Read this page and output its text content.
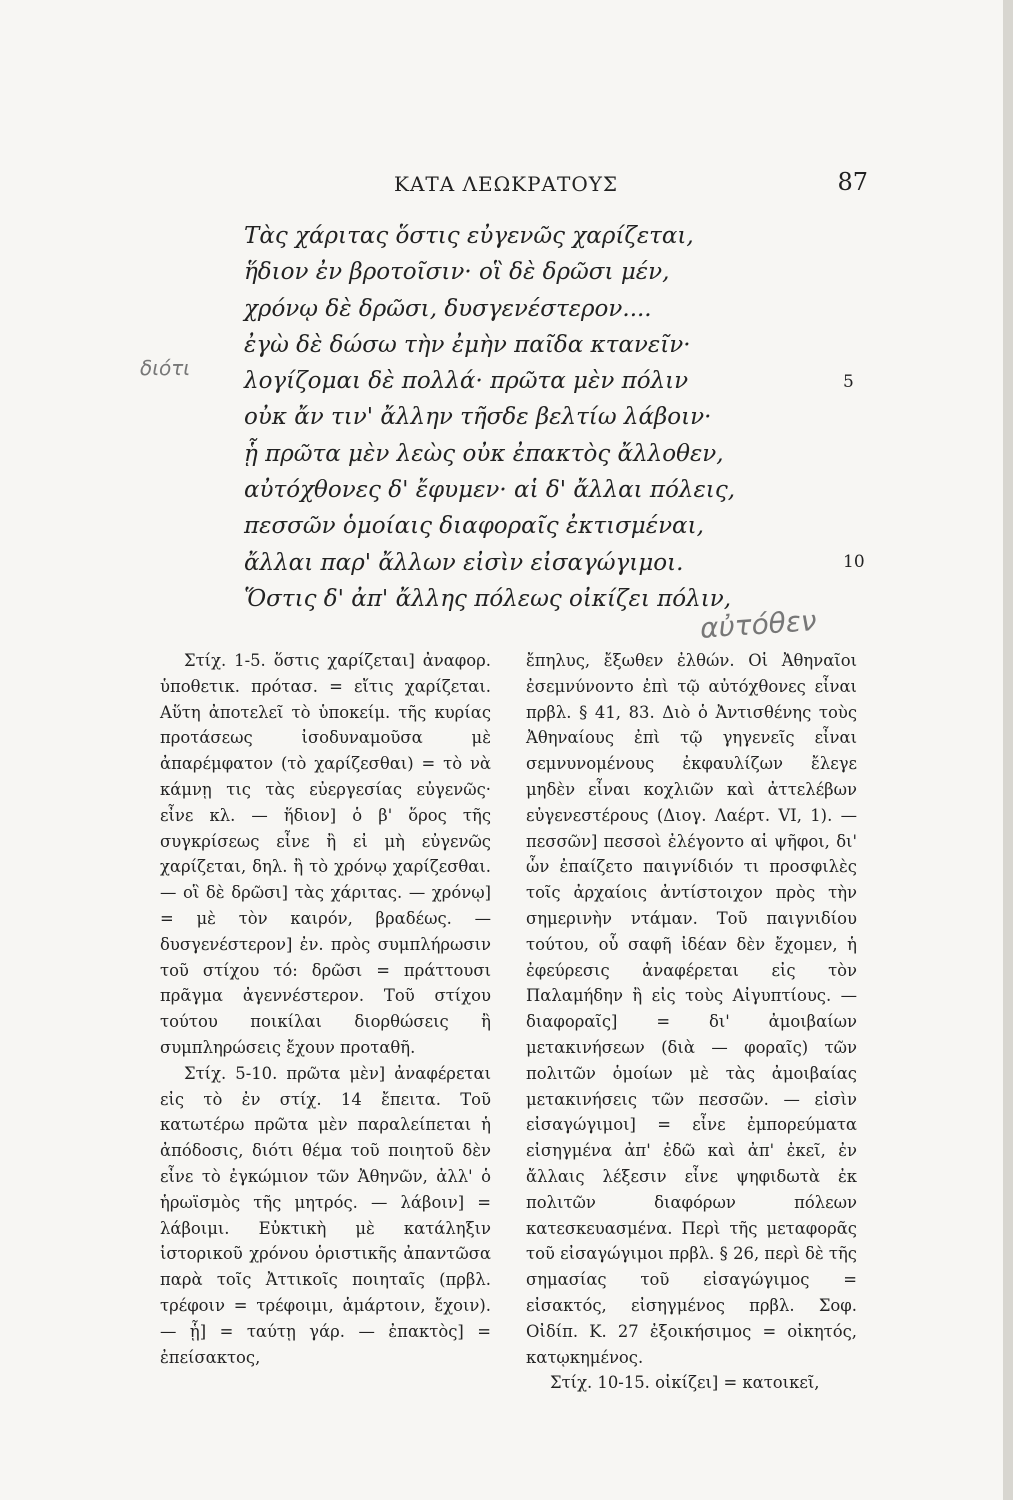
ΚΑΤΑ ΛΕΩΚΡΑΤΟΥΣ	87
Τὰς χάριτας ὅστις εὐγενῶς χαρίζεται,
ἥδιον ἐν βροτοῖσιν· οἳ δὲ δρῶσι μέν,
χρόνῳ δὲ δρῶσι, δυσγενέστερον....
ἐγὼ δὲ δώσω τὴν ἐμὴν παῖδα κτανεῖν·
λογίζομαι δὲ πολλά· πρῶτα μὲν πόλιν
οὐκ ἄν τιν' ἄλλην τῆσδε βελτίω λάβοιν·
ᾗ πρῶτα μὲν λεὼς οὐκ ἐπακτὸς ἄλλοθεν,
αὐτόχθονες δ' ἔφυμεν· αἱ δ' ἄλλαι πόλεις,
πεσσῶν ὁμοίαις διαφοραῖς ἐκτισμέναι,
ἄλλαι παρ' ἄλλων εἰσὶν εἰσαγώγιμοι.
Ὅστις δ' ἀπ' ἄλλης πόλεως οἰκίζει πόλιν,
5
10
διότι
αὐτόθεν

Στίχ. 1-5. ὅστις χαρίζεται] ἀναφορ. ὑποθετικ. πρότασ. = εἴτις χαρίζεται. Αὕτη ἀποτελεῖ τὸ ὑποκείμ. τῆς κυρίας προτάσεως ἰσοδυναμοῦσα μὲ ἀπαρέμφατον (τὸ χαρίζεσθαι) = τὸ νὰ κάμνῃ τις τὰς εὐεργεσίας εὐγενῶς· εἶνε κλ. — ἥδιον] ὁ β' ὅρος τῆς συγκρίσεως εἶνε ἢ εἰ μὴ εὐγενῶς χαρίζεται, δηλ. ἢ τὸ χρόνῳ χαρίζεσθαι. — οἳ δὲ δρῶσι] τὰς χάριτας. — χρόνῳ] = μὲ τὸν καιρόν, βραδέως. — δυσγενέστερον] ἐν. πρὸς συμπλήρωσιν τοῦ στίχου τό: δρῶσι = πράττουσι πρᾶγμα ἀγεννέστερον. Τοῦ στίχου τούτου ποικίλαι διορθώσεις ἢ συμπληρώσεις ἔχουν προταθῆ.

Στίχ. 5-10. πρῶτα μὲν] ἀναφέρεται εἰς τὸ ἐν στίχ. 14 ἔπειτα. Τοῦ κατωτέρω πρῶτα μὲν παραλείπεται ἡ ἀπόδοσις, διότι θέμα τοῦ ποιητοῦ δὲν εἶνε τὸ ἐγκώμιον τῶν Ἀθηνῶν, ἀλλ' ὁ ἡρωϊσμὸς τῆς μητρός. — λάβοιν] = λάβοιμι. Εὐκτικὴ μὲ κατάληξιν ἱστορικοῦ χρόνου ὁριστικῆς ἀπαντῶσα παρὰ τοῖς Ἀττικοῖς ποιηταῖς (πρβλ. τρέφοιν = τρέφοιμι, ἁμάρτοιν, ἔχοιν). — ᾗ] = ταύτῃ γάρ. — ἐπακτὸς] = ἐπείσακτος,

ἔπηλυς, ἔξωθεν ἐλθών. Οἱ Ἀθηναῖοι ἐσεμνύνοντο ἐπὶ τῷ αὐτόχθονες εἶναι πρβλ. § 41, 83. Διὸ ὁ Ἀντισθένης τοὺς Ἀθηναίους ἐπὶ τῷ γηγενεῖς εἶναι σεμνυνομένους ἐκφαυλίζων ἔλεγε μηδὲν εἶναι κοχλιῶν καὶ ἀττελέβων εὐγενεστέρους (Διογ. Λαέρτ. VI, 1). — πεσσῶν] πεσσοὶ ἐλέγοντο αἱ ψῆφοι, δι' ὧν ἐπαίζετο παιγνίδιόν τι προσφιλὲς τοῖς ἀρχαίοις ἀντίστοιχον πρὸς τὴν σημερινὴν ντάμαν. Τοῦ παιγνιδίου τούτου, οὗ σαφῆ ἰδέαν δὲν ἔχομεν, ἡ ἐφεύρεσις ἀναφέρεται εἰς τὸν Παλαμήδην ἢ εἰς τοὺς Αἰγυπτίους. — διαφοραῖς] = δι' ἀμοιβαίων μετακινήσεων (διὰ — φοραῖς) τῶν πολιτῶν ὁμοίων μὲ τὰς ἀμοιβαίας μετακινήσεις τῶν πεσσῶν. — εἰσὶν εἰσαγώγιμοι] = εἶνε ἐμπορεύματα εἰσηγμένα ἀπ' ἐδῶ καὶ ἀπ' ἐκεῖ, ἐν ἄλλαις λέξεσιν εἶνε ψηφιδωτὰ ἐκ πολιτῶν διαφόρων πόλεων κατεσκευασμένα. Περὶ τῆς μεταφορᾶς τοῦ εἰσαγώγιμοι πρβλ. § 26, περὶ δὲ τῆς σημασίας τοῦ εἰσαγώγιμος = εἰσακτός, εἰσηγμένος πρβλ. Σοφ. Οἰδίπ. Κ. 27 ἐξοικήσιμος = οἰκητός, κατῳκημένος.

Στίχ. 10-15. οἰκίζει] = κατοικεῖ,
